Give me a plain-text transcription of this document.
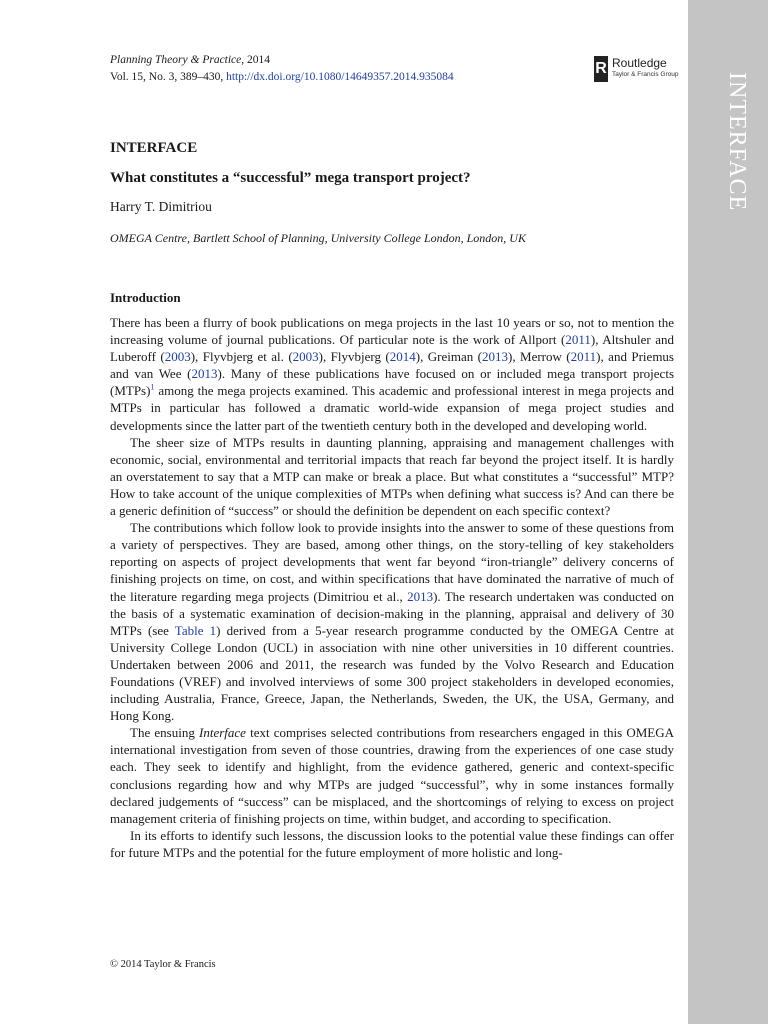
Planning Theory & Practice, 2014
Vol. 15, No. 3, 389–430, http://dx.doi.org/10.1080/14649357.2014.935084	R Routledge
Taylor & Francis Group
INTERFACE
What constitutes a “successful” mega transport project?
Harry T. Dimitriou
OMEGA Centre, Bartlett School of Planning, University College London, London, UK
Introduction

There has been a flurry of book publications on mega projects in the last 10 years or so, not to mention the increasing volume of journal publications. Of particular note is the work of Allport (2011), Altshuler and Luberoff (2003), Flyvbjerg et al. (2003), Flyvbjerg (2014), Greiman (2013), Merrow (2011), and Priemus and van Wee (2013). Many of these publications have focused on or included mega transport projects (MTPs)$^1$ among the mega projects examined. This academic and professional interest in mega projects and MTPs in particular has followed a dramatic world-wide expansion of mega project studies and developments since the latter part of the twentieth century both in the developed and developing world.

The sheer size of MTPs results in daunting planning, appraising and management challenges with economic, social, environmental and territorial impacts that reach far beyond the project itself. It is hardly an overstatement to say that a MTP can make or break a place. But what constitutes a “successful” MTP? How to take account of the unique complexities of MTPs when defining what success is? And can there be a generic definition of “success” or should the definition be dependent on each specific context?

The contributions which follow look to provide insights into the answer to some of these questions from a variety of perspectives. They are based, among other things, on the story-telling of key stakeholders reporting on aspects of project developments that went far beyond “iron-triangle” delivery concerns of finishing projects on time, on cost, and within specifications that have dominated the narrative of much of the literature regarding mega projects (Dimitriou et al., 2013). The research undertaken was conducted on the basis of a systematic examination of decision-making in the planning, appraisal and delivery of 30 MTPs (see Table 1) derived from a 5-year research programme conducted by the OMEGA Centre at University College London (UCL) in association with nine other universities in 10 different countries. Undertaken between 2006 and 2011, the research was funded by the Volvo Research and Education Foundations (VREF) and involved interviews of some 300 project stakeholders in developed economies, including Australia, France, Greece, Japan, the Netherlands, Sweden, the UK, the USA, Germany, and Hong Kong.

The ensuing Interface text comprises selected contributions from researchers engaged in this OMEGA international investigation from seven of those countries, drawing from the experiences of one case study each. They seek to identify and highlight, from the evidence gathered, generic and context-specific conclusions regarding how and why MTPs are judged “successful”, why in some instances formally declared judgements of “success” can be misplaced, and the shortcomings of relying to excess on project management criteria of finishing projects on time, within budget, and according to specification.

In its efforts to identify such lessons, the discussion looks to the potential value these findings can offer for future MTPs and the potential for the future employment of more holistic and long-

© 2014 Taylor & Francis
INTERFACE
